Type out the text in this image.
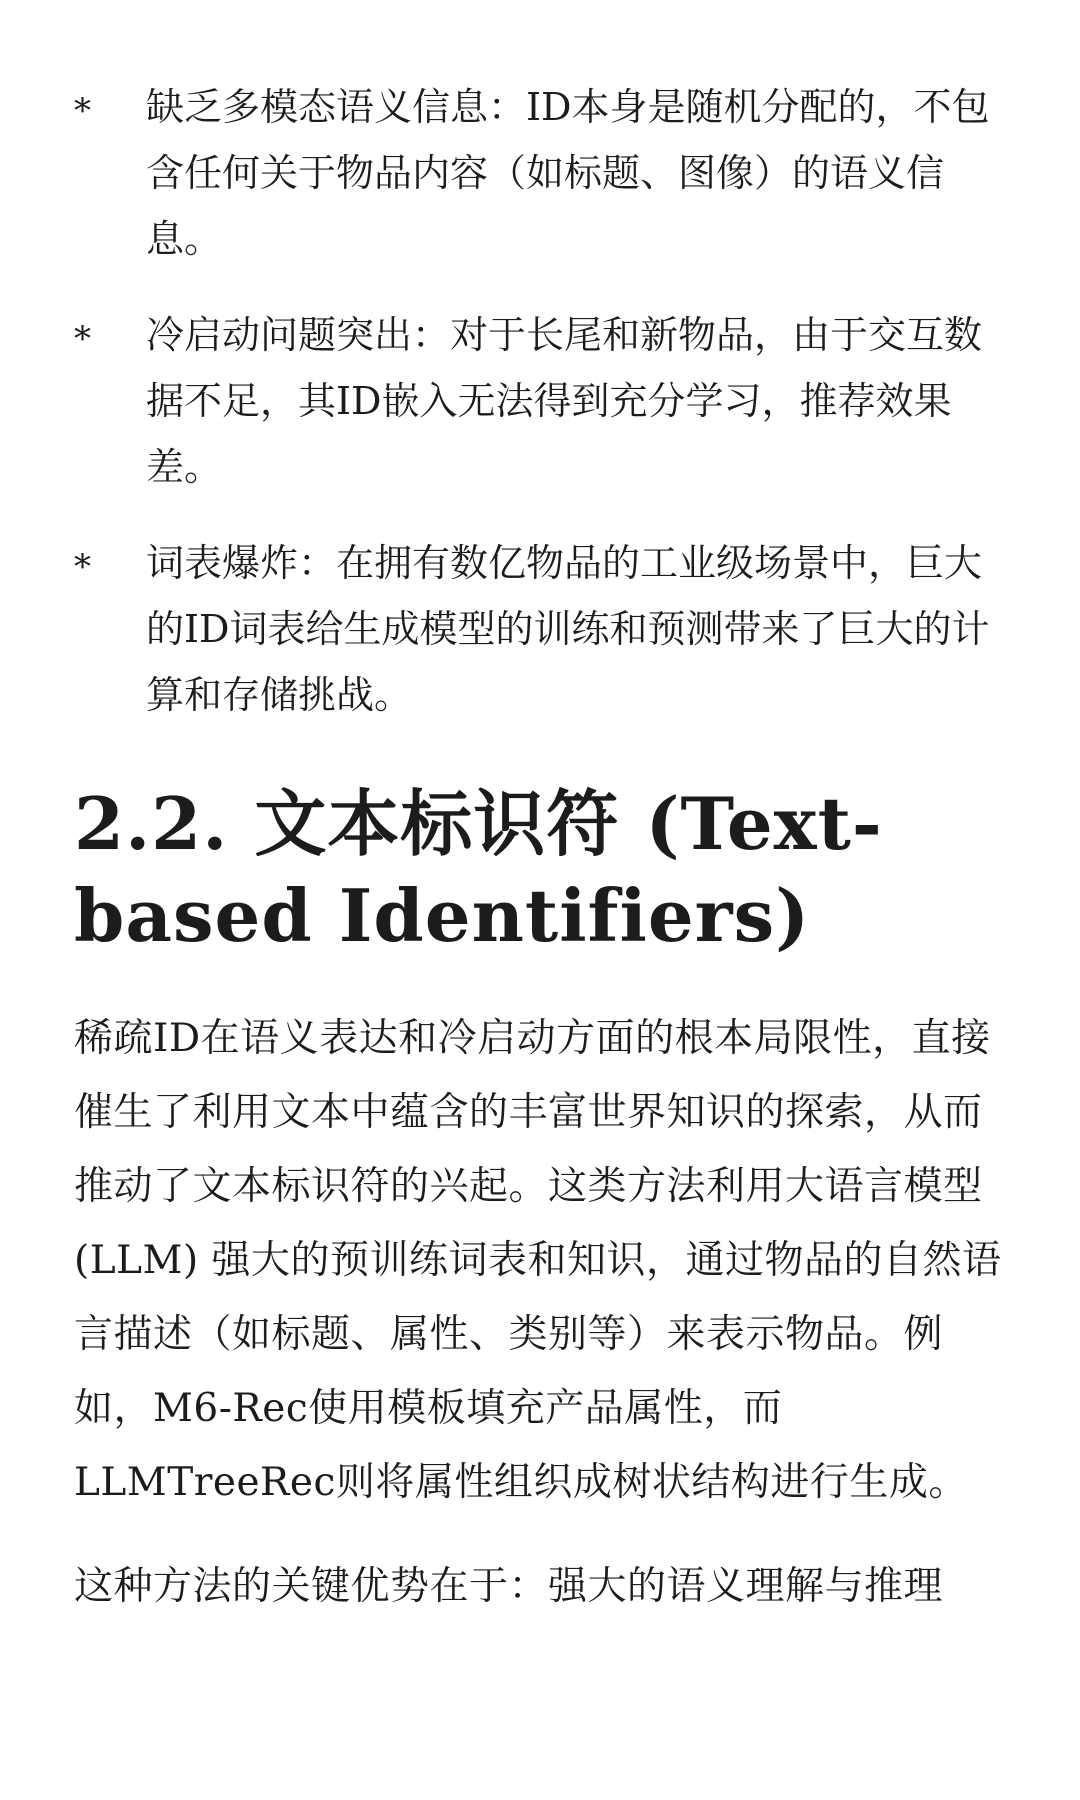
*	缺乏多模态语义信息：ID本身是随机分配的，不包含任何关于物品内容（如标题、图像）的语义信息。
*	冷启动问题突出：对于长尾和新物品，由于交互数据不足，其ID嵌入无法得到充分学习，推荐效果差。
*	词表爆炸：在拥有数亿物品的工业级场景中，巨大的ID词表给生成模型的训练和预测带来了巨大的计算和存储挑战。
2.2. 文本标识符 (Text-based Identifiers)

稀疏ID在语义表达和冷启动方面的根本局限性，直接催生了利用文本中蕴含的丰富世界知识的探索，从而推动了文本标识符的兴起。这类方法利用大语言模型 (LLM) 强大的预训练词表和知识，通过物品的自然语言描述（如标题、属性、类别等）来表示物品。例如，M6-Rec使用模板填充产品属性，而LLMTreeRec则将属性组织成树状结构进行生成。

这种方法的关键优势在于：强大的语义理解与推理
